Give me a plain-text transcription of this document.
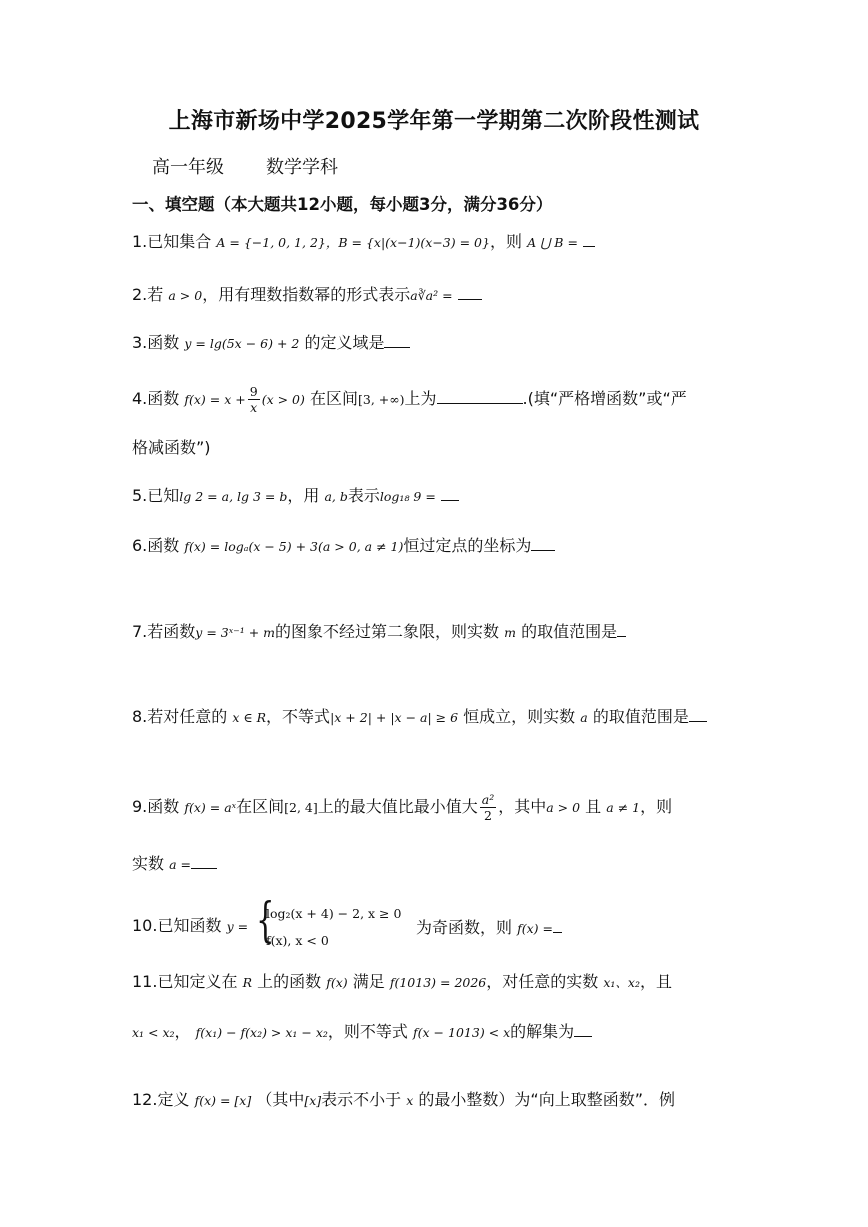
上海市新场中学2025学年第一学期第二次阶段性测试
高一年级 数学学科
一、填空题（本大题共12小题，每小题3分，满分36分）
1.已知集合 A = {−1, 0, 1, 2}，B = {x|(x−1)(x−3) = 0}，则 A ⋃ B =
2.若 a > 0，用有理数指数幂的形式表示a∛a² =
3.函数 y = lg(5x − 6) + 2 的定义域是
4.函数 $f(x) = x + \frac{9}{x} (x > 0)$ 在区间[3, +∞)上为	.(填“严格增函数”或“严
格减函数”)
5.已知lg 2 = a, lg 3 = b，用 a, b表示log₁₈ 9 =
6.函数 f(x) = logₐ(x − 5) + 3(a > 0, a ≠ 1)恒过定点的坐标为
7.若函数y = 3ˣ⁻¹ + m的图象不经过第二象限，则实数 m 的取值范围是
8.若对任意的 x ∈ R，不等式|x + 2| + |x − a| ≥ 6 恒成立，则实数 a 的取值范围是
9.函数 f(x) = aˣ在区间[2, 4]上的最大值比最小值大 $\frac{\text{a²}}{2}$ ，其中a > 0 且 a ≠ 1，则
实数 a =
10.已知函数 y = {
log₂(x + 4) − 2, x ≥ 0
f(x), x < 0
为奇函数，则 f(x) =
11.已知定义在 R 上的函数 f(x) 满足 f(1013) = 2026，对任意的实数 x₁、x₂，且
x₁ < x₂， f(x₁) − f(x₂) > x₁ − x₂，则不等式 f(x − 1013) < x的解集为
12.定义 f(x) = [x] （其中[x]表示不小于 x 的最小整数）为“向上取整函数”．例
